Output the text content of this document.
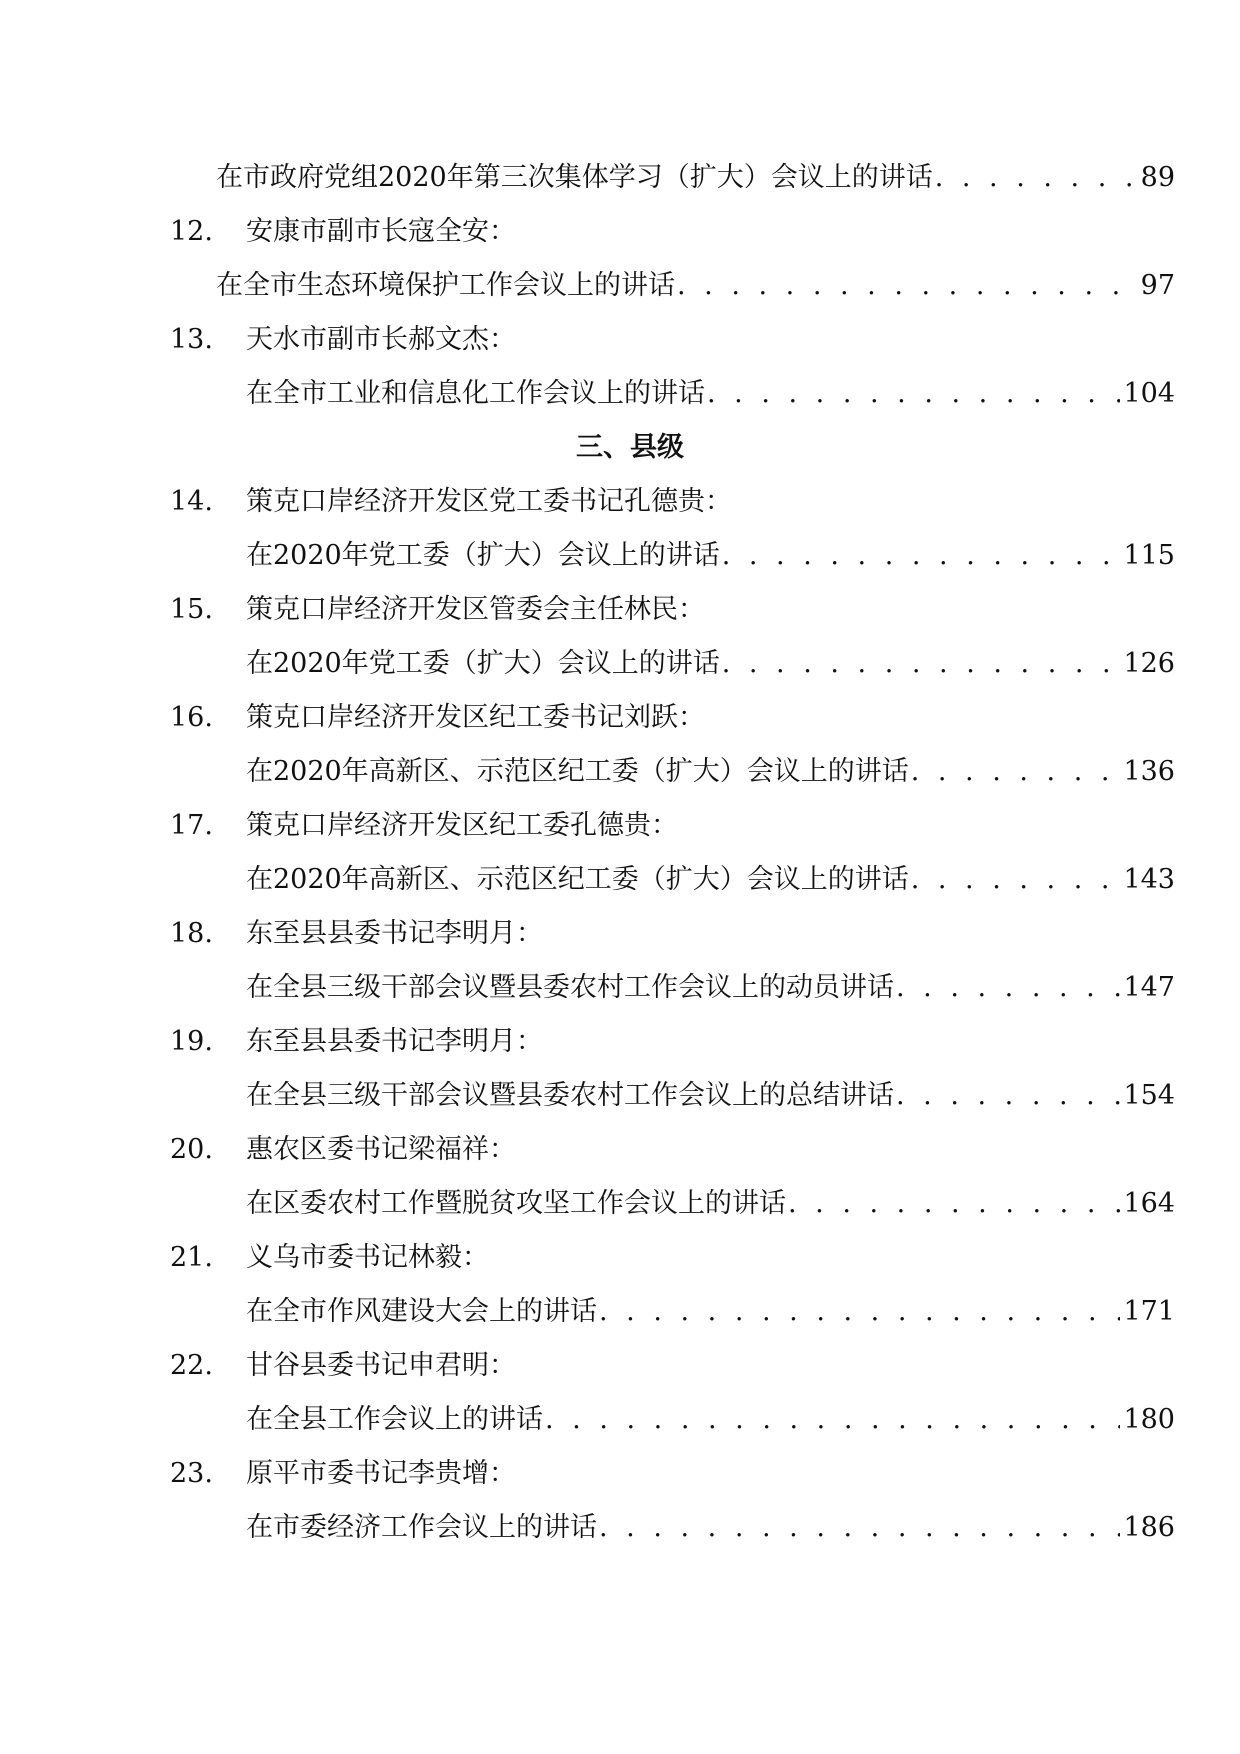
在市政府党组2020年第三次集体学习（扩大）会议上的讲话 . . .	89
12. 安康市副市长寇全安：
在全市生态环境保护工作会议上的讲话 . . .	97
13. 天水市副市长郝文杰：
在全市工业和信息化工作会议上的讲话 . . .	104
三、县级
14. 策克口岸经济开发区党工委书记孔德贵：
在2020年党工委（扩大）会议上的讲话 . . .	115
15. 策克口岸经济开发区管委会主任林民：
在2020年党工委（扩大）会议上的讲话 . . .	126
16. 策克口岸经济开发区纪工委书记刘跃：
在2020年高新区、示范区纪工委（扩大）会议上的讲话 . . .	136
17. 策克口岸经济开发区纪工委孔德贵：
在2020年高新区、示范区纪工委（扩大）会议上的讲话 . . .	143
18. 东至县县委书记李明月：
在全县三级干部会议暨县委农村工作会议上的动员讲话 . . .	147
19. 东至县县委书记李明月：
在全县三级干部会议暨县委农村工作会议上的总结讲话 . . .	154
20. 惠农区委书记梁福祥：
在区委农村工作暨脱贫攻坚工作会议上的讲话 . . .	164
21. 义乌市委书记林毅：
在全市作风建设大会上的讲话 . . .	171
22. 甘谷县委书记申君明：
在全县工作会议上的讲话 . . .	180
23. 原平市委书记李贵增：
在市委经济工作会议上的讲话 . . .	186
